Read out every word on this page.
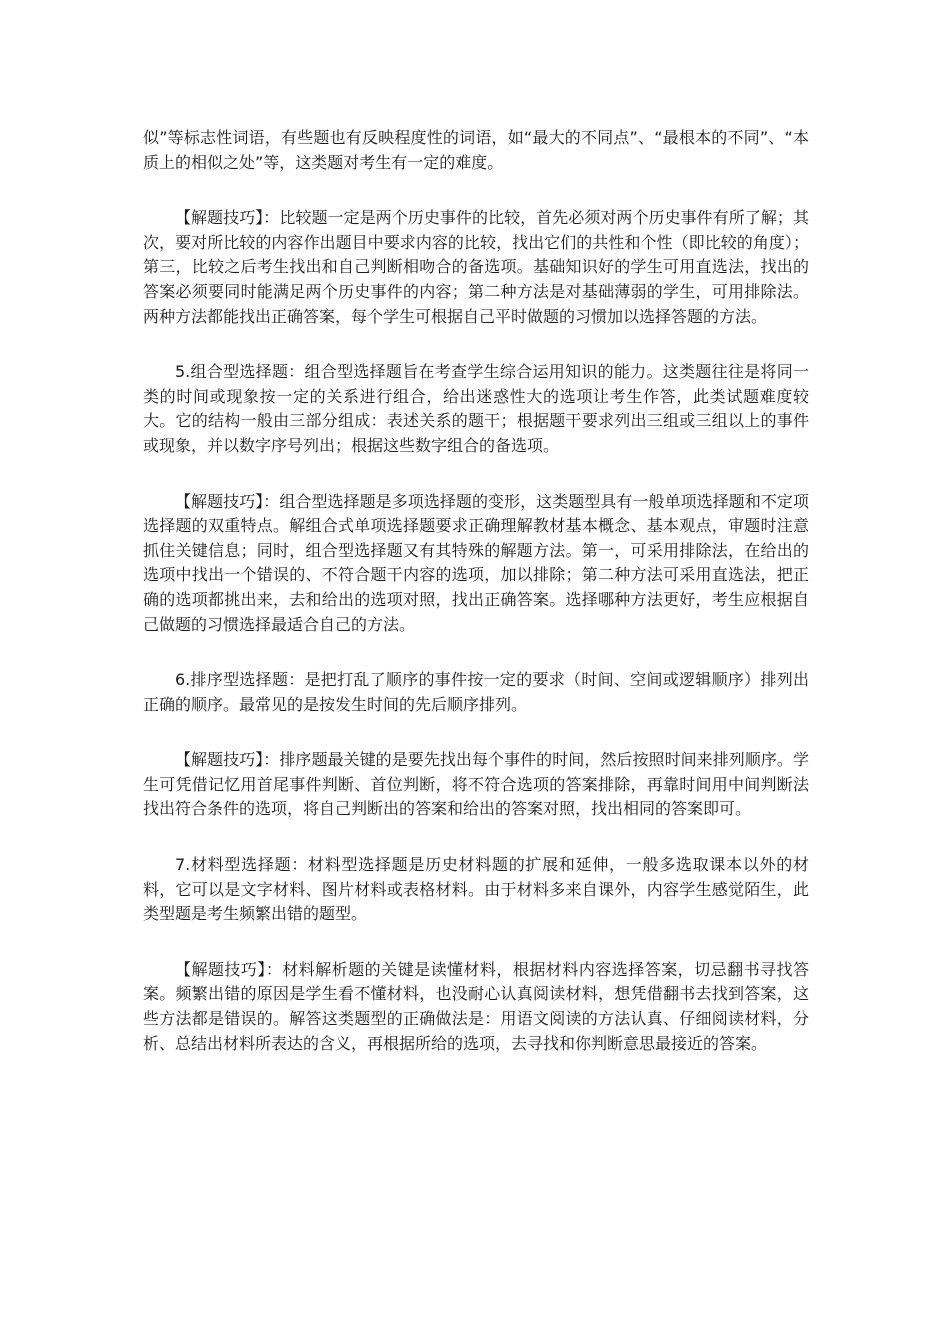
似”等标志性词语，有些题也有反映程度性的词语，如“最大的不同点”、“最根本的不同”、“本质上的相似之处”等，这类题对考生有一定的难度。

【解题技巧】：比较题一定是两个历史事件的比较，首先必须对两个历史事件有所了解；其次，要对所比较的内容作出题目中要求内容的比较，找出它们的共性和个性（即比较的角度）；第三，比较之后考生找出和自己判断相吻合的备选项。基础知识好的学生可用直选法，找出的答案必须要同时能满足两个历史事件的内容；第二种方法是对基础薄弱的学生，可用排除法。两种方法都能找出正确答案，每个学生可根据自己平时做题的习惯加以选择答题的方法。

5.组合型选择题：组合型选择题旨在考查学生综合运用知识的能力。这类题往往是将同一类的时间或现象按一定的关系进行组合，给出迷惑性大的选项让考生作答，此类试题难度较大。它的结构一般由三部分组成：表述关系的题干；根据题干要求列出三组或三组以上的事件或现象，并以数字序号列出；根据这些数字组合的备选项。

【解题技巧】：组合型选择题是多项选择题的变形，这类题型具有一般单项选择题和不定项选择题的双重特点。解组合式单项选择题要求正确理解教材基本概念、基本观点，审题时注意抓住关键信息；同时，组合型选择题又有其特殊的解题方法。第一，可采用排除法，在给出的选项中找出一个错误的、不符合题干内容的选项，加以排除；第二种方法可采用直选法，把正确的选项都挑出来，去和给出的选项对照，找出正确答案。选择哪种方法更好，考生应根据自己做题的习惯选择最适合自己的方法。

6.排序型选择题：是把打乱了顺序的事件按一定的要求（时间、空间或逻辑顺序）排列出正确的顺序。最常见的是按发生时间的先后顺序排列。

【解题技巧】：排序题最关键的是要先找出每个事件的时间，然后按照时间来排列顺序。学生可凭借记忆用首尾事件判断、首位判断，将不符合选项的答案排除，再靠时间用中间判断法找出符合条件的选项，将自己判断出的答案和给出的答案对照，找出相同的答案即可。

7.材料型选择题：材料型选择题是历史材料题的扩展和延伸，一般多选取课本以外的材料，它可以是文字材料、图片材料或表格材料。由于材料多来自课外，内容学生感觉陌生，此类型题是考生频繁出错的题型。

【解题技巧】：材料解析题的关键是读懂材料，根据材料内容选择答案，切忌翻书寻找答案。频繁出错的原因是学生看不懂材料，也没耐心认真阅读材料，想凭借翻书去找到答案，这些方法都是错误的。解答这类题型的正确做法是：用语文阅读的方法认真、仔细阅读材料，分析、总结出材料所表达的含义，再根据所给的选项，去寻找和你判断意思最接近的答案。
